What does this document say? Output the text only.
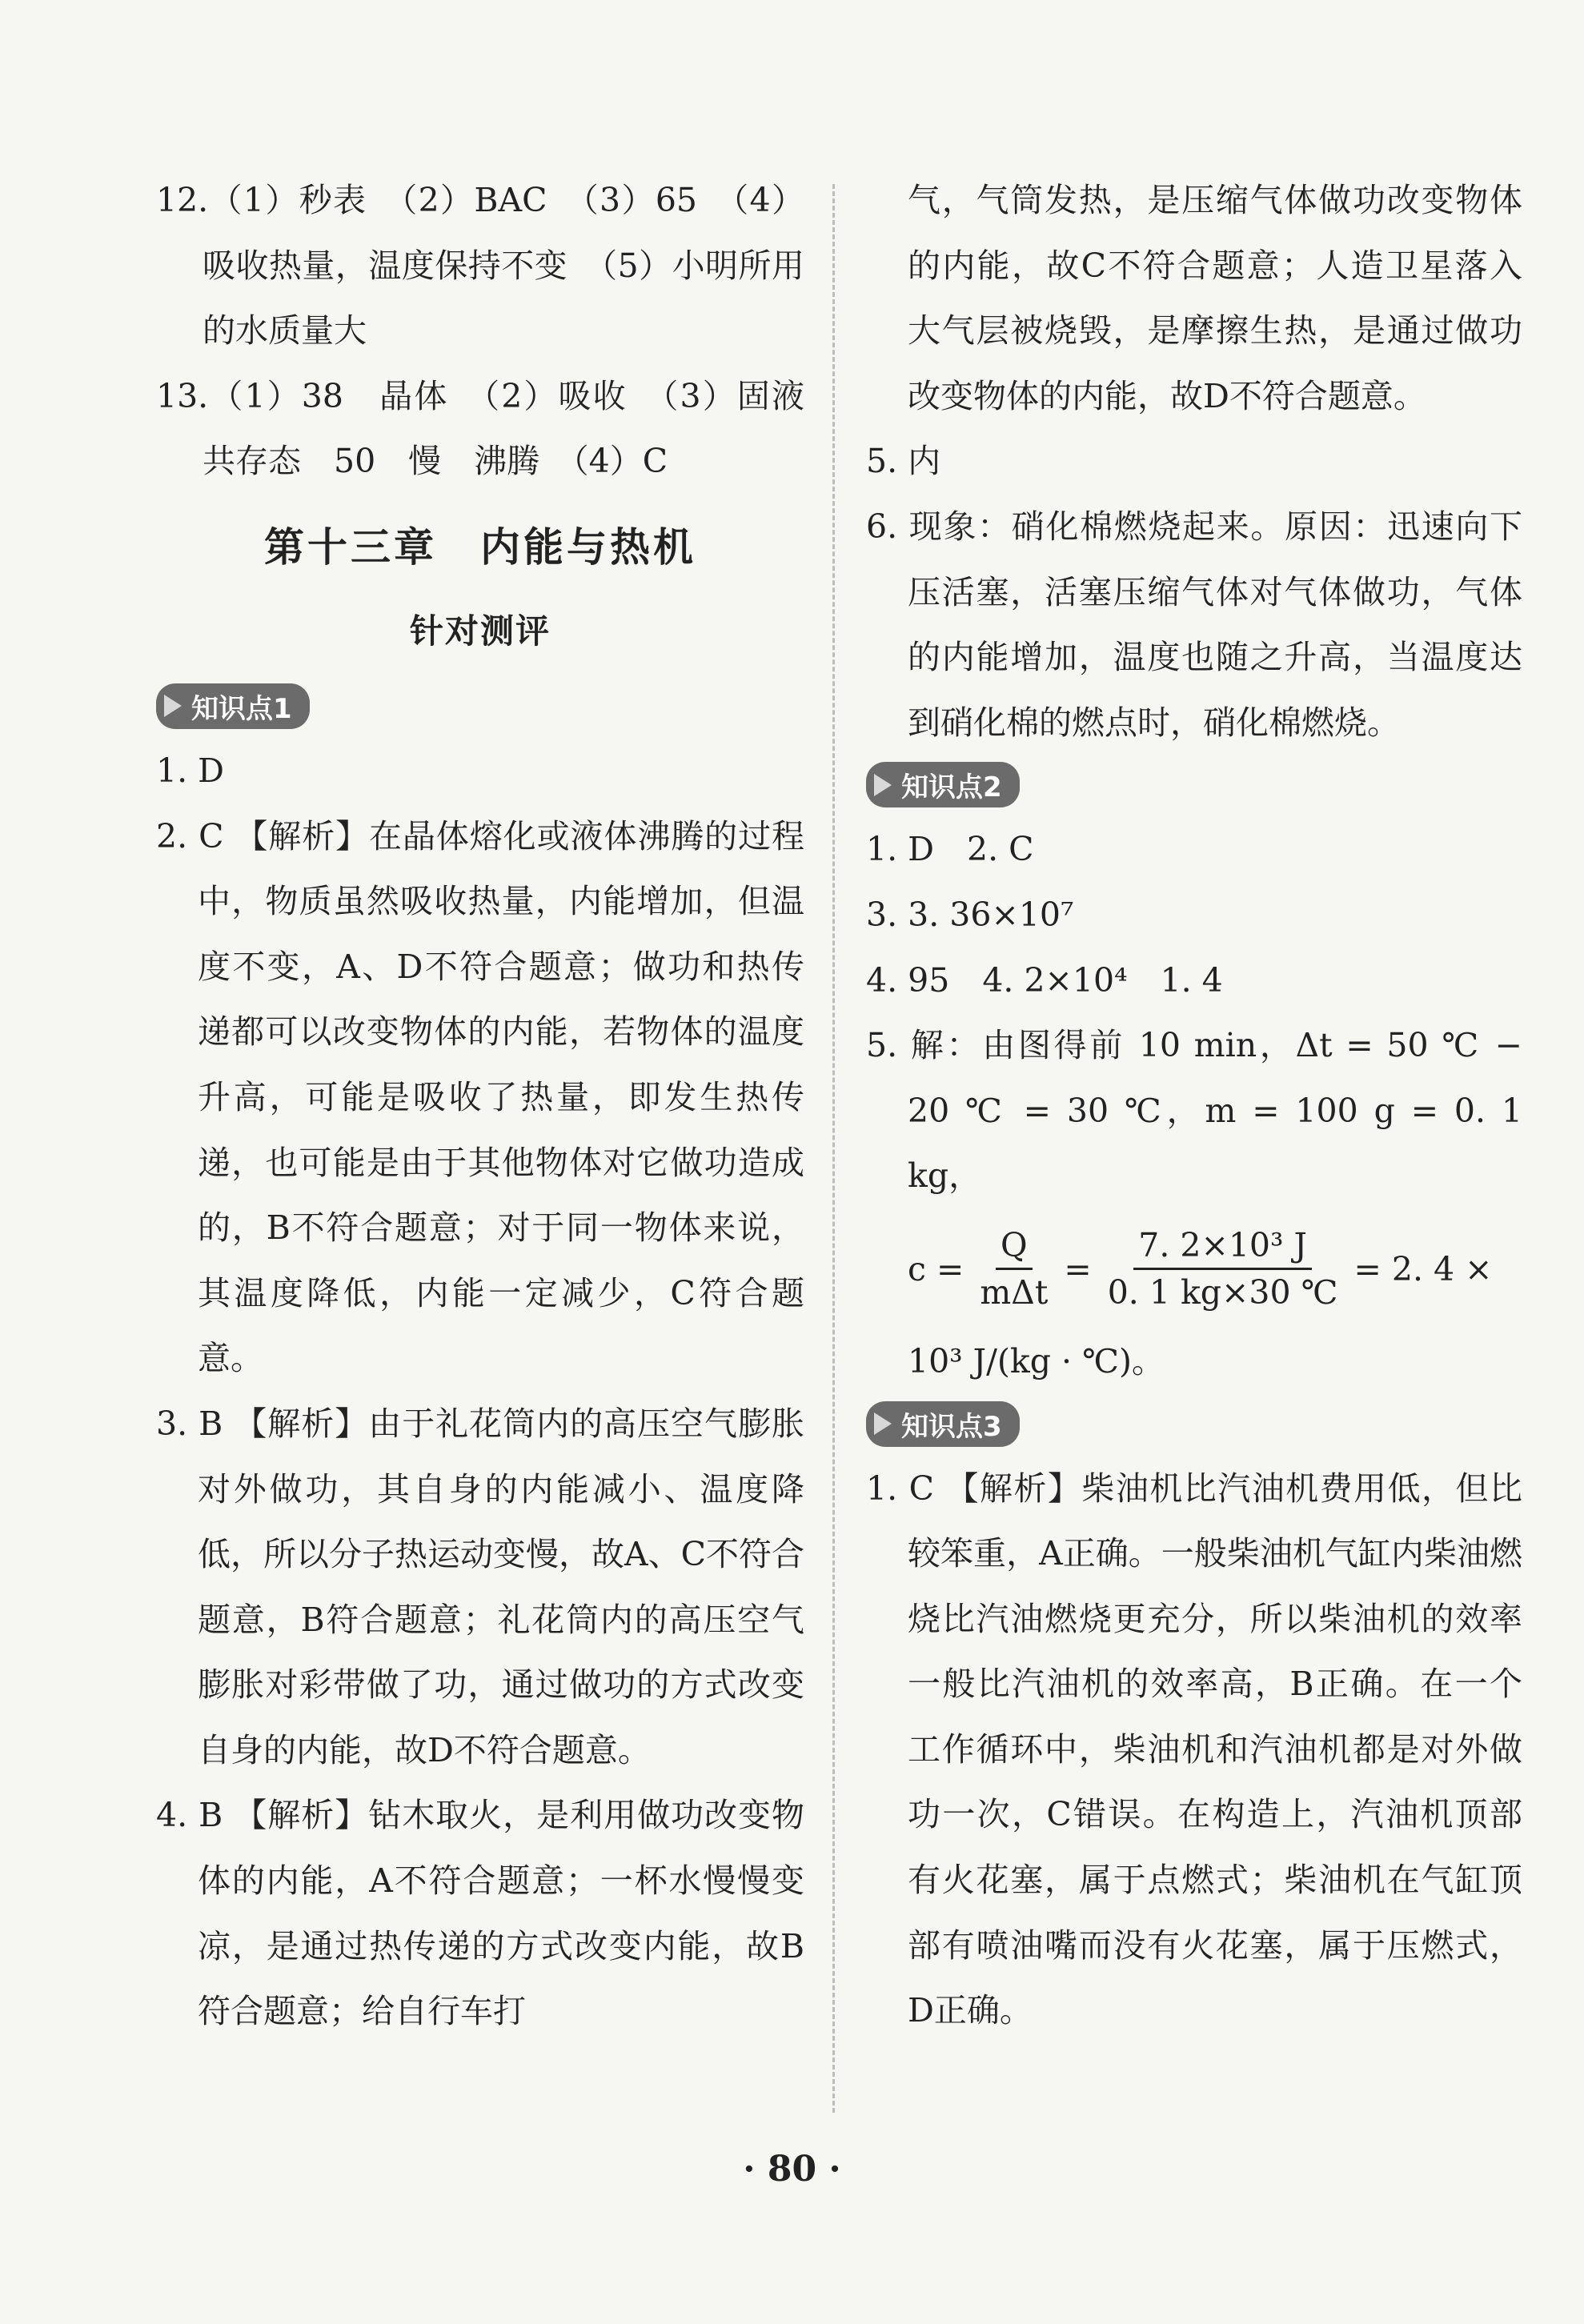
12.（1）秒表　（2）BAC　（3）65　（4）吸收热量，温度保持不变　（5）小明所用的水质量大

13.（1）38　晶体　（2）吸收　（3）固液共存态　50　慢　沸腾　（4）C

第十三章　内能与热机
针对测评
知识点1

1. D

2. C 【解析】在晶体熔化或液体沸腾的过程中，物质虽然吸收热量，内能增加，但温度不变，A、D不符合题意；做功和热传递都可以改变物体的内能，若物体的温度升高，可能是吸收了热量，即发生热传递，也可能是由于其他物体对它做功造成的，B不符合题意；对于同一物体来说，其温度降低，内能一定减少，C符合题意。

3. B 【解析】由于礼花筒内的高压空气膨胀对外做功，其自身的内能减小、温度降低，所以分子热运动变慢，故A、C不符合题意，B符合题意；礼花筒内的高压空气膨胀对彩带做了功，通过做功的方式改变自身的内能，故D不符合题意。

4. B 【解析】钻木取火，是利用做功改变物体的内能，A不符合题意；一杯水慢慢变凉，是通过热传递的方式改变内能，故B符合题意；给自行车打

气，气筒发热，是压缩气体做功改变物体的内能，故C不符合题意；人造卫星落入大气层被烧毁，是摩擦生热，是通过做功改变物体的内能，故D不符合题意。

5. 内

6. 现象：硝化棉燃烧起来。原因：迅速向下压活塞，活塞压缩气体对气体做功，气体的内能增加，温度也随之升高，当温度达到硝化棉的燃点时，硝化棉燃烧。

知识点2

1. D　2. C

3. 3. 36×10⁷

4. 95　4. 2×10⁴　1. 4

5. 解：由图得前 10 min，Δt = 50 ℃ − 20 ℃ = 30 ℃，m = 100 g = 0. 1 kg，

$c = \frac{Q}{\text{mΔt}} = \frac{\text{7. 2×10³ J}}{0. 1 kg\times 30 ℃} = 2$. 4 ×

10³ J/(kg · ℃)。

知识点3

1. C 【解析】柴油机比汽油机费用低，但比较笨重，A正确。一般柴油机气缸内柴油燃烧比汽油燃烧更充分，所以柴油机的效率一般比汽油机的效率高，B正确。在一个工作循环中，柴油机和汽油机都是对外做功一次，C错误。在构造上，汽油机顶部有火花塞，属于点燃式；柴油机在气缸顶部有喷油嘴而没有火花塞，属于压燃式，D正确。

· 80 ·
